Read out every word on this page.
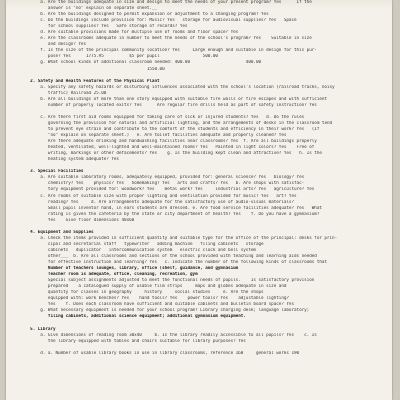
a. Are the buildings adequate in size and design to meet the needs of your present program? Yes      If the
answer is "no" explain on separate sheet.__
b. Are the buildings designed to permit expansion or adjustment to a changing program? Yes
c. Do the buildings include provision for: Music? Yes   storage for audiovisual supplies? Yes   Space
for school supplies? Yes   Safe storage of records? Yes
d. Are suitable provisions made for multiple use of rooms and floor space? Yes
e. Are the classrooms adequate in number to meet the needs of the school's program? Yes    Suitable in size
and design? Yes
f. Is the size of the principal community location? Yes     Large enough and suitable in design for this pur-
pose? Yes      1775.95          $5 per pupil                 500.00
g. What school kinds of additional classroom needed: 400.00                      400.00
1550.00
2. Safety and Health Features of the Physical Plant
a. Specify any safety hazards or disturbing influences associated with the school's location (railroad tracks, noisy
traffic) Railroad 25.00
b. Are all buildings of more than one story equipped with suitable fire walls or fire escapes and with sufficient
number of properly located exits? Yes      Are regular fire drills held as part of safety instruction? Yes
c. Are there first aid rooms equipped for taking care of sick or injured students? Yes   d. Do the rules
governing the provision for natural and artificial lighting, and the arrangements of desks in the classroom tend
to prevent eye strain and contribute to the comfort of the students and efficiency in their work? Yes   (If
"no" explain on separate sheet.)   e. Are toilet facilities adequate and properly cleaned? Yes
Are there adequate drinking and handwashing facilities near classrooms? Yes  f. Are all buildings properly
heated, ventilated, well-lighted and well-maintained rooms? Yes   Painted in light colors? Yes    Free of
writing, markings or other defacements? Yes    g. Is the building kept clean and attractive? Yes   h. Is the
heating system adequate? Yes
3. Special Facilities
a. Are suitable laboratory rooms, adequately equipped, provided for: general science? Yes   biology? Yes
chemistry? Yes    physics? Yes   homemaking? Yes   arts and crafts? Yes   b. Are shops with satisfac-
tory equipment provided for: woodwork? Yes    metal work? Yes     industrial arts? Yes   agriculture? Yes
c. Are rooms of suitable size with proper lighting and ventilation provided for music? Yes   art? Yes
reading? Yes     d. Are arrangements adequate for the satisfactory use of audio-visual materials?
Small pupil inventor hand, in ears students are dressed. e. Are food service facilities adequate? Yes   What
rating is given the cafeteria by the state or city department of health? Yes    f. Do you have a gymnasium?
Yes    Give floor dimensions 40x60
4. Equipment and Supplies
a. Check the items provided in sufficient quantity and suitable type for the office of the principal: desks for prin-
cipal and secretarial staff   typewriter   adding machine   filing cabinets   storage
cabinets   duplicator   intercommunication system   electric clock and bell system
other___  b. Are all classrooms and sections of the school provided with teaching and learning aids needed
for effective instruction and learning? Yes   c. Indicate the number of the following kinds of classrooms that
Number of teachers lounges, library, office (shelf, guidance, and gymnasium
Teacher room is adequate, office, cleaning, recreation, gym
Special subject assignments adjusted to meet the functional needs of pupils.    Is satisfactory provision
prepared    a catalogued supply of usable film strips     maps and globes adequate in size and
quantity for classes in geography     history     social studies     e. Are the shops
equipped with: work benches? Yes    hand tools? Yes    power tools? Yes    adjustable lighting?
Yes    f. Does each classroom have sufficient and suitable cabinets and bulletin board space? Yes
g. What necessary equipment is needed for your school program? Library charging desk; language laboratory;
filing cabinets, additional science equipment; additional gymnasium equipment.
5. Library
a. Give dimensions of reading room 30x40     b. Is the library readily accessible to all pupils? Yes    c. Is
the library equipped with tables and chairs suitable for library purposes? Yes
d. a. Number of usable library books in use in library classrooms, reference 160     general works 190
